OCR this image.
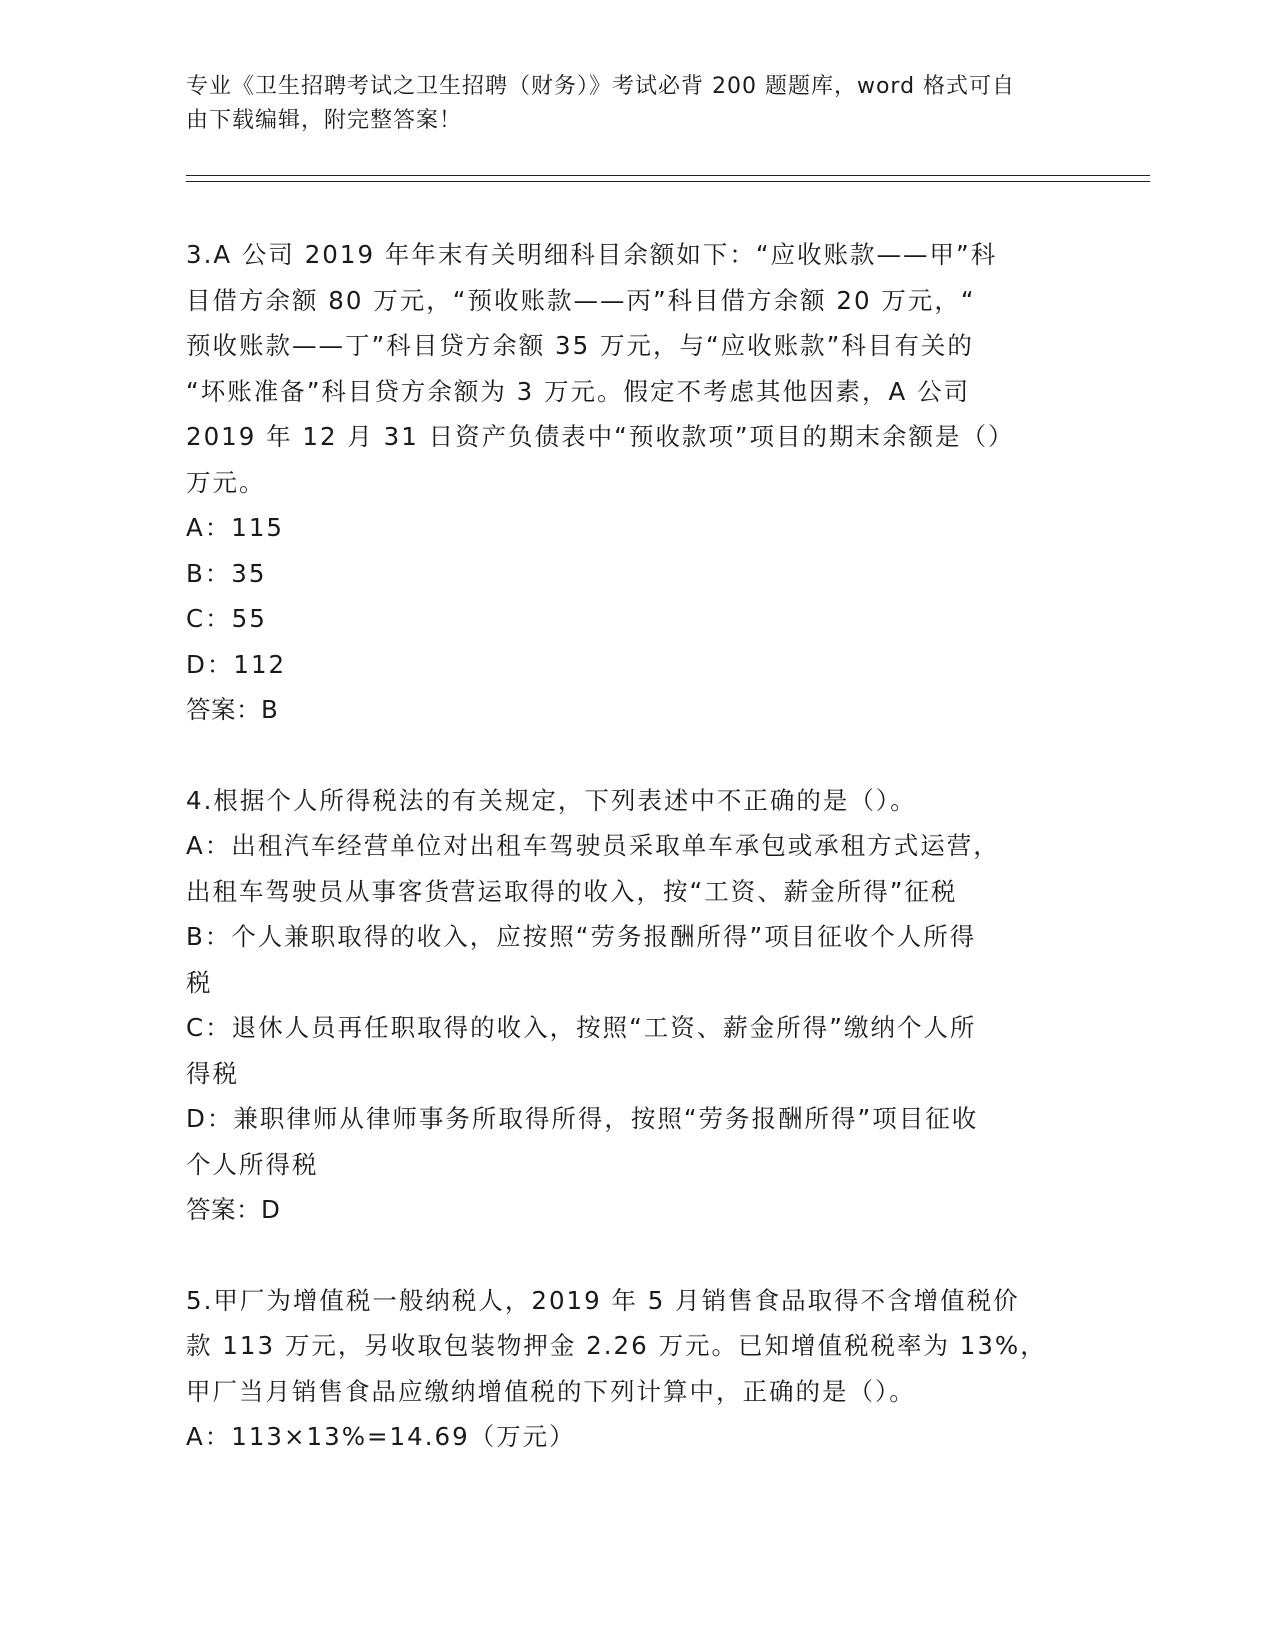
专业《卫生招聘考试之卫生招聘（财务）》考试必背 200 题题库，word 格式可自

由下载编辑，附完整答案！

3.A 公司 2019 年年末有关明细科目余额如下：“应收账款——甲”科

目借方余额 80 万元，“预收账款——丙”科目借方余额 20 万元，“

预收账款——丁”科目贷方余额 35 万元，与“应收账款”科目有关的

“坏账准备”科目贷方余额为 3 万元。假定不考虑其他因素，A 公司

2019 年 12 月 31 日资产负债表中“预收款项”项目的期末余额是（）

万元。

A：115

B：35

C：55

D：112

答案：B

4.根据个人所得税法的有关规定，下列表述中不正确的是（）。

A：出租汽车经营单位对出租车驾驶员采取单车承包或承租方式运营，

出租车驾驶员从事客货营运取得的收入，按“工资、薪金所得”征税

B：个人兼职取得的收入，应按照“劳务报酬所得”项目征收个人所得

税

C：退休人员再任职取得的收入，按照“工资、薪金所得”缴纳个人所

得税

D：兼职律师从律师事务所取得所得，按照“劳务报酬所得”项目征收

个人所得税

答案：D

5.甲厂为增值税一般纳税人，2019 年 5 月销售食品取得不含增值税价

款 113 万元，另收取包装物押金 2.26 万元。已知增值税税率为 13%，

甲厂当月销售食品应缴纳增值税的下列计算中，正确的是（）。

A：113×13%=14.69（万元）
